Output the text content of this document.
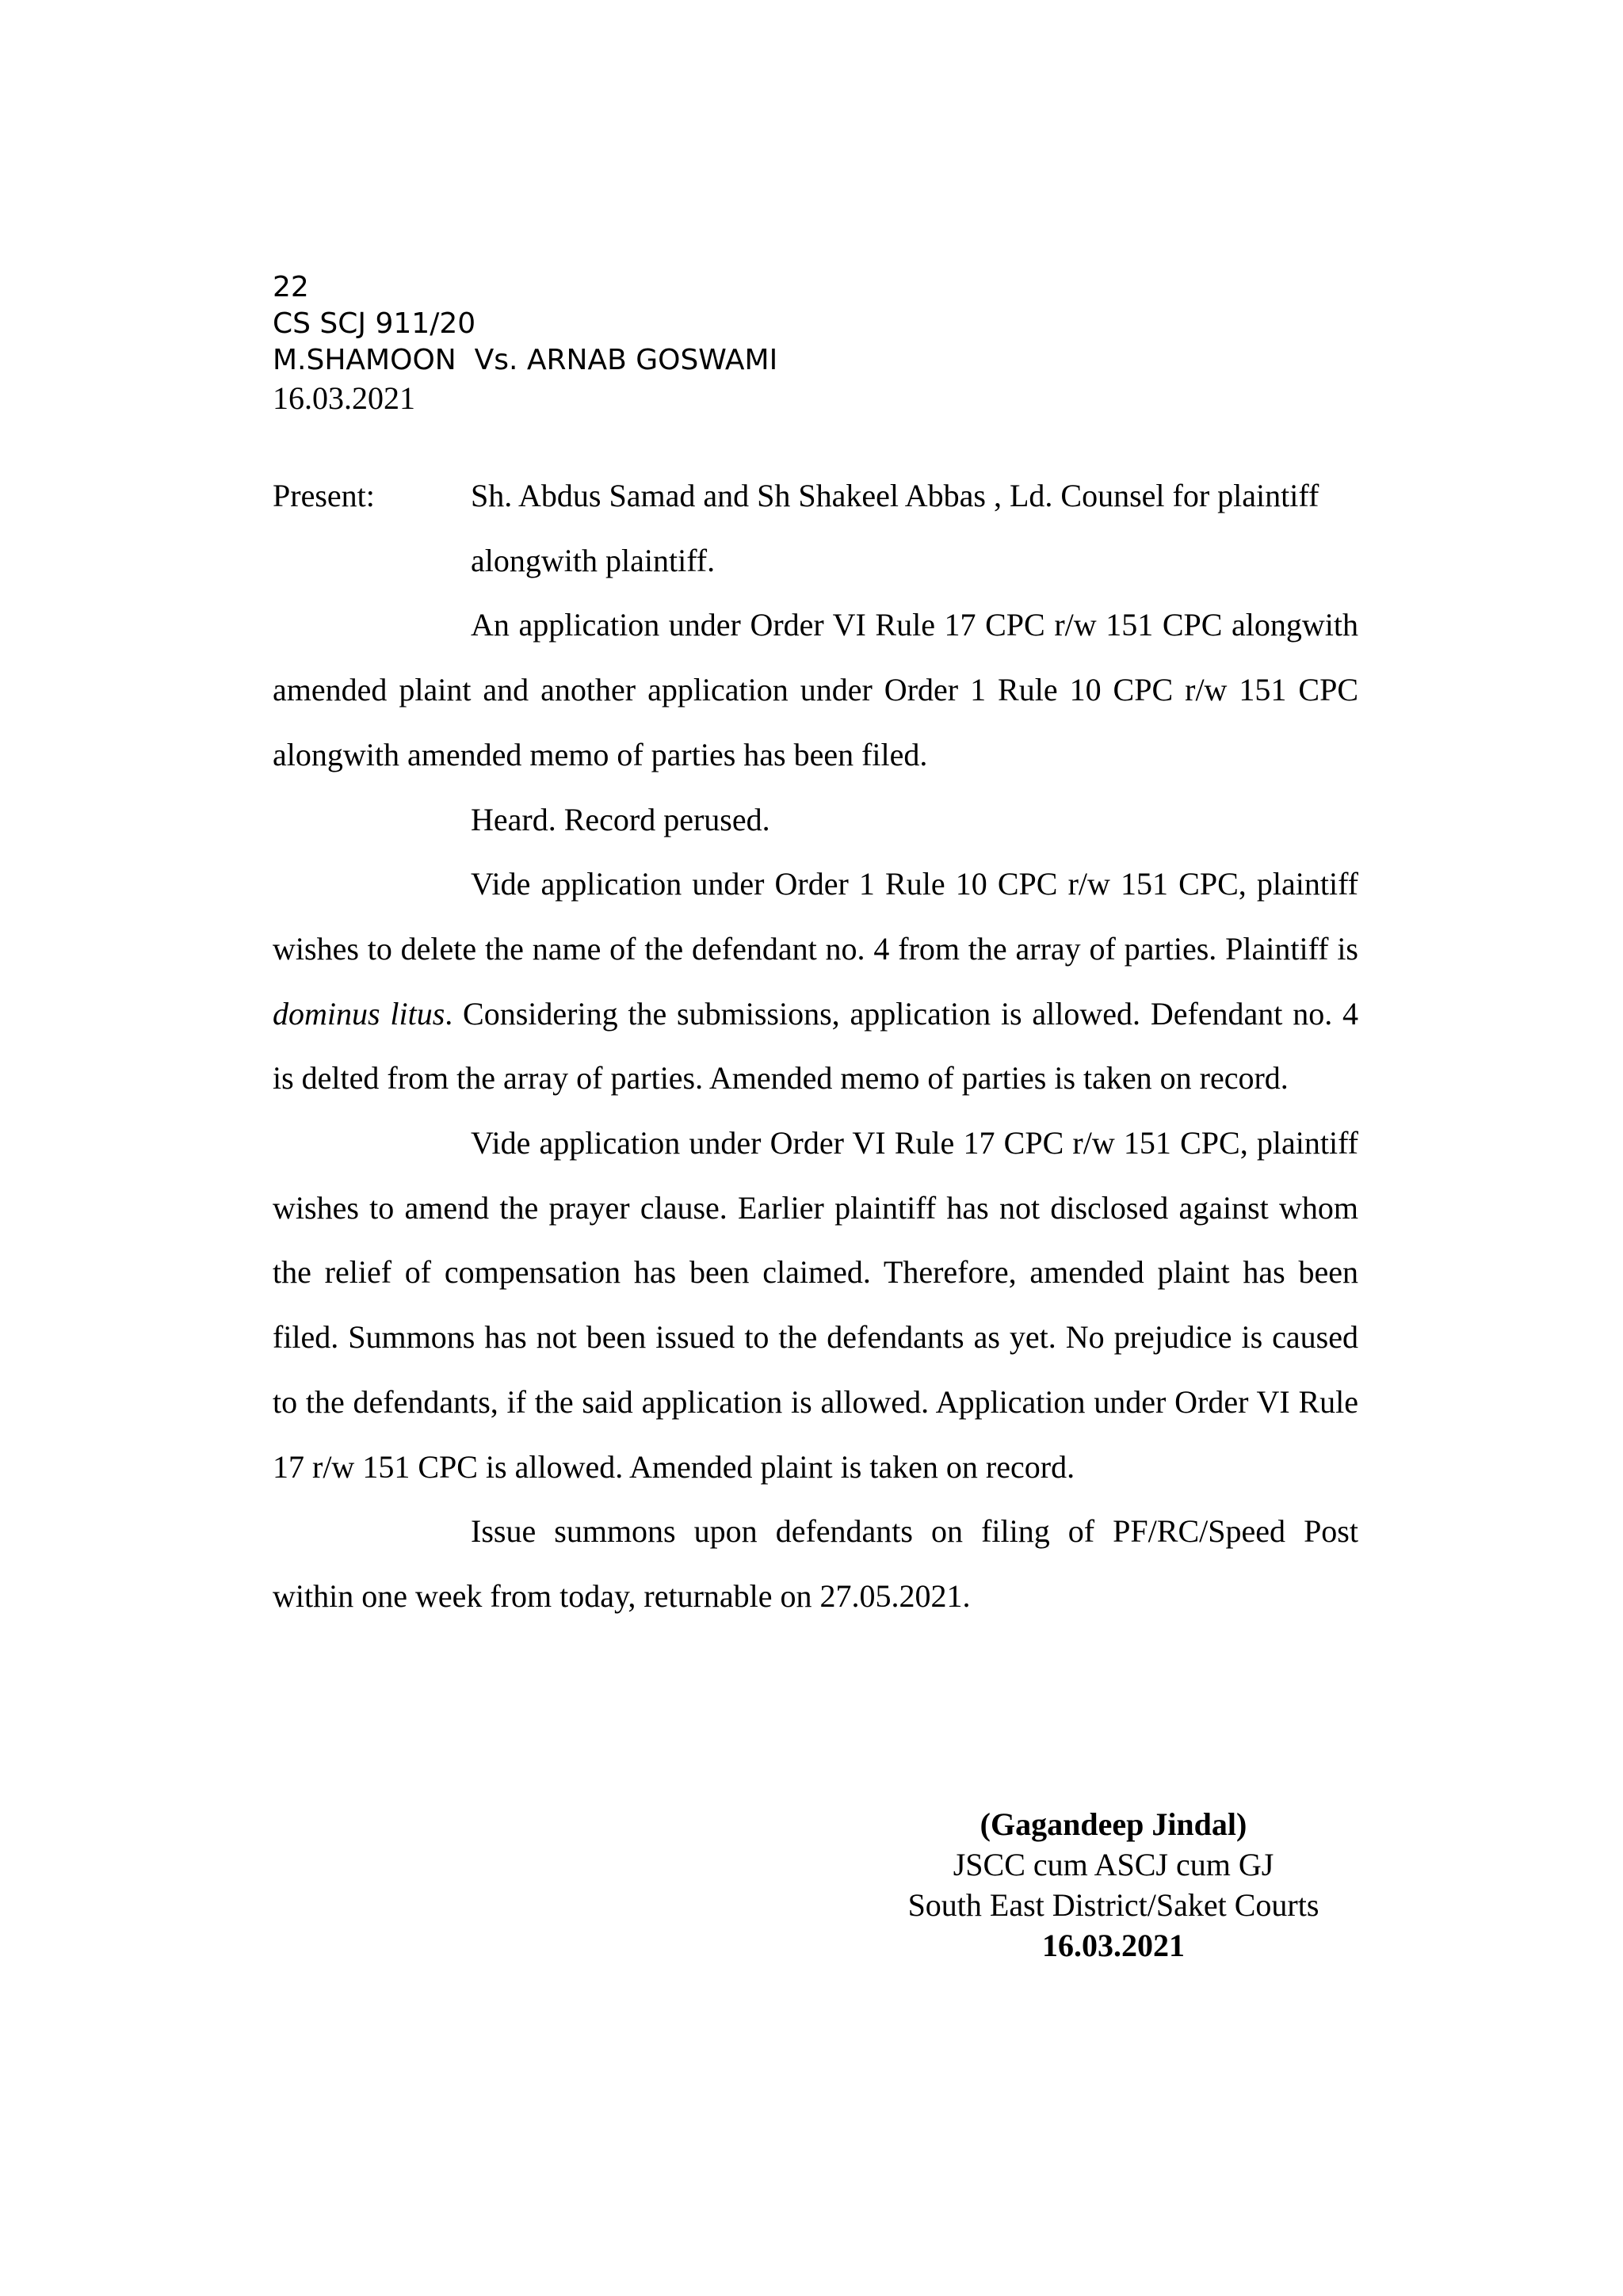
22
CS SCJ 911/20
M.SHAMOON  Vs. ARNAB GOSWAMI
16.03.2021
Present:	Sh. Abdus Samad and Sh Shakeel Abbas , Ld. Counsel for plaintiff alongwith plaintiff.

An application under Order VI Rule 17 CPC r/w 151 CPC alongwith amended plaint and another application under Order 1 Rule 10 CPC r/w 151 CPC alongwith amended memo of parties has been filed.

Heard. Record perused.

Vide application under Order 1 Rule 10 CPC r/w 151 CPC, plaintiff wishes to delete the name of the defendant no. 4 from the array of parties. Plaintiff is dominus litus. Considering the submissions, application is allowed. Defendant no. 4 is delted from the array of parties. Amended memo of parties is taken on record.

Vide application under Order VI Rule 17 CPC r/w 151 CPC, plaintiff wishes to amend the prayer clause. Earlier plaintiff has not disclosed against whom the relief of compensation has been claimed. Therefore, amended plaint has been filed. Summons has not been issued to the defendants as yet. No prejudice is caused to the defendants, if the said application is allowed. Application under Order VI Rule 17 r/w 151 CPC is allowed. Amended plaint is taken on record.

Issue summons upon defendants on filing of PF/RC/Speed Post within one week from today, returnable on 27.05.2021.

(Gagandeep Jindal)
JSCC cum ASCJ cum GJ
South East District/Saket Courts
16.03.2021
